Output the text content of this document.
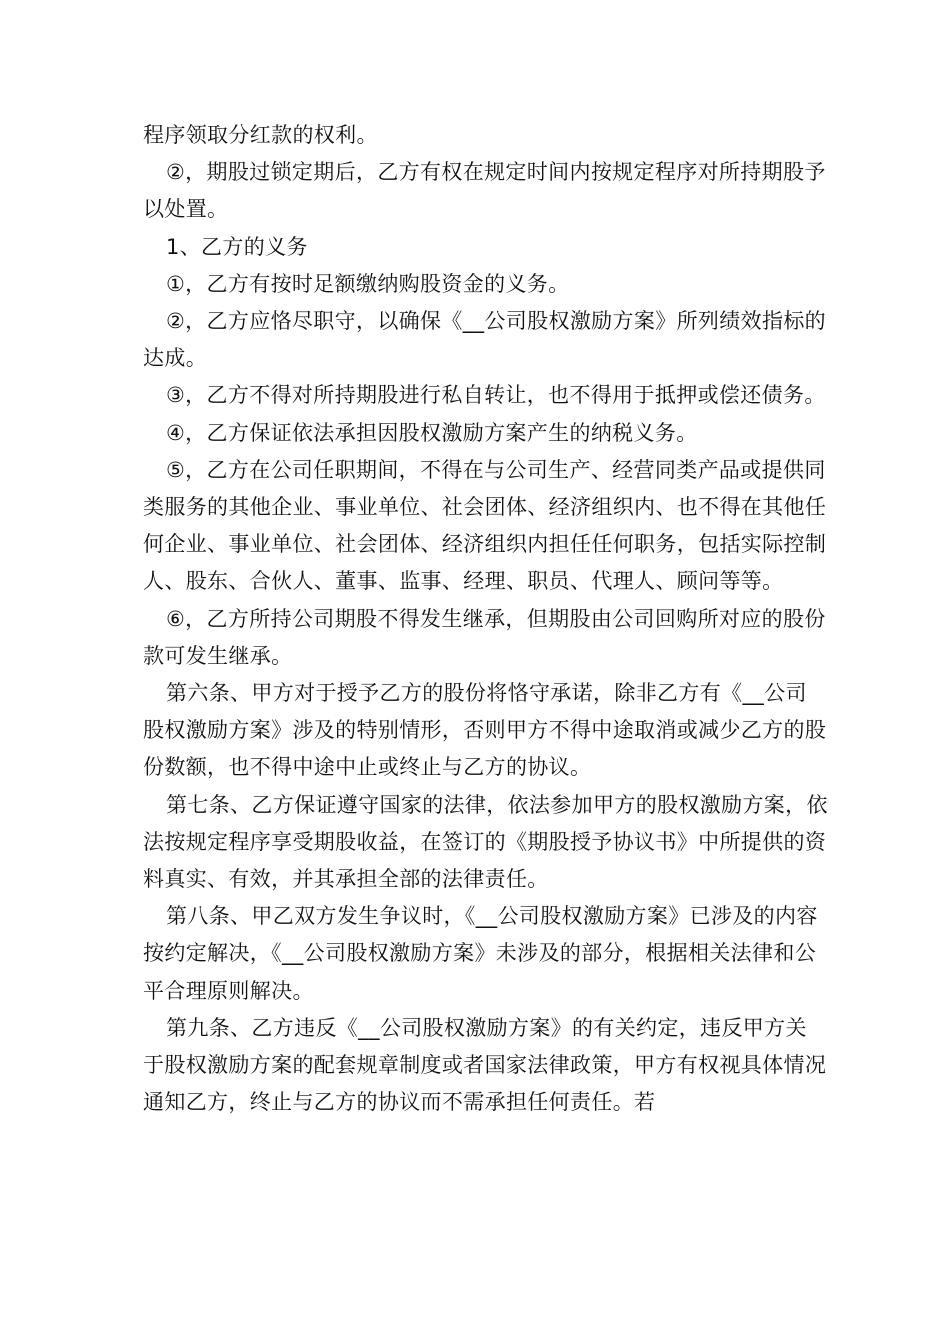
程序领取分红款的权利。

②，期股过锁定期后，乙方有权在规定时间内按规定程序对所持期股予以处置。

1、乙方的义务

①，乙方有按时足额缴纳购股资金的义务。

②，乙方应恪尽职守，以确保《__公司股权激励方案》所列绩效指标的达成。

③，乙方不得对所持期股进行私自转让，也不得用于抵押或偿还债务。

④，乙方保证依法承担因股权激励方案产生的纳税义务。

⑤，乙方在公司任职期间，不得在与公司生产、经营同类产品或提供同类服务的其他企业、事业单位、社会团体、经济组织内、也不得在其他任何企业、事业单位、社会团体、经济组织内担任任何职务，包括实际控制人、股东、合伙人、董事、监事、经理、职员、代理人、顾问等等。

⑥，乙方所持公司期股不得发生继承，但期股由公司回购所对应的股份款可发生继承。

第六条、甲方对于授予乙方的股份将恪守承诺，除非乙方有《__公司股权激励方案》涉及的特别情形，否则甲方不得中途取消或减少乙方的股份数额，也不得中途中止或终止与乙方的协议。

第七条、乙方保证遵守国家的法律，依法参加甲方的股权激励方案，依法按规定程序享受期股收益，在签订的《期股授予协议书》中所提供的资料真实、有效，并其承担全部的法律责任。

第八条、甲乙双方发生争议时，《__公司股权激励方案》已涉及的内容按约定解决，《__公司股权激励方案》未涉及的部分，根据相关法律和公平合理原则解决。

第九条、乙方违反《__公司股权激励方案》的有关约定，违反甲方关于股权激励方案的配套规章制度或者国家法律政策，甲方有权视具体情况通知乙方，终止与乙方的协议而不需承担任何责任。若
